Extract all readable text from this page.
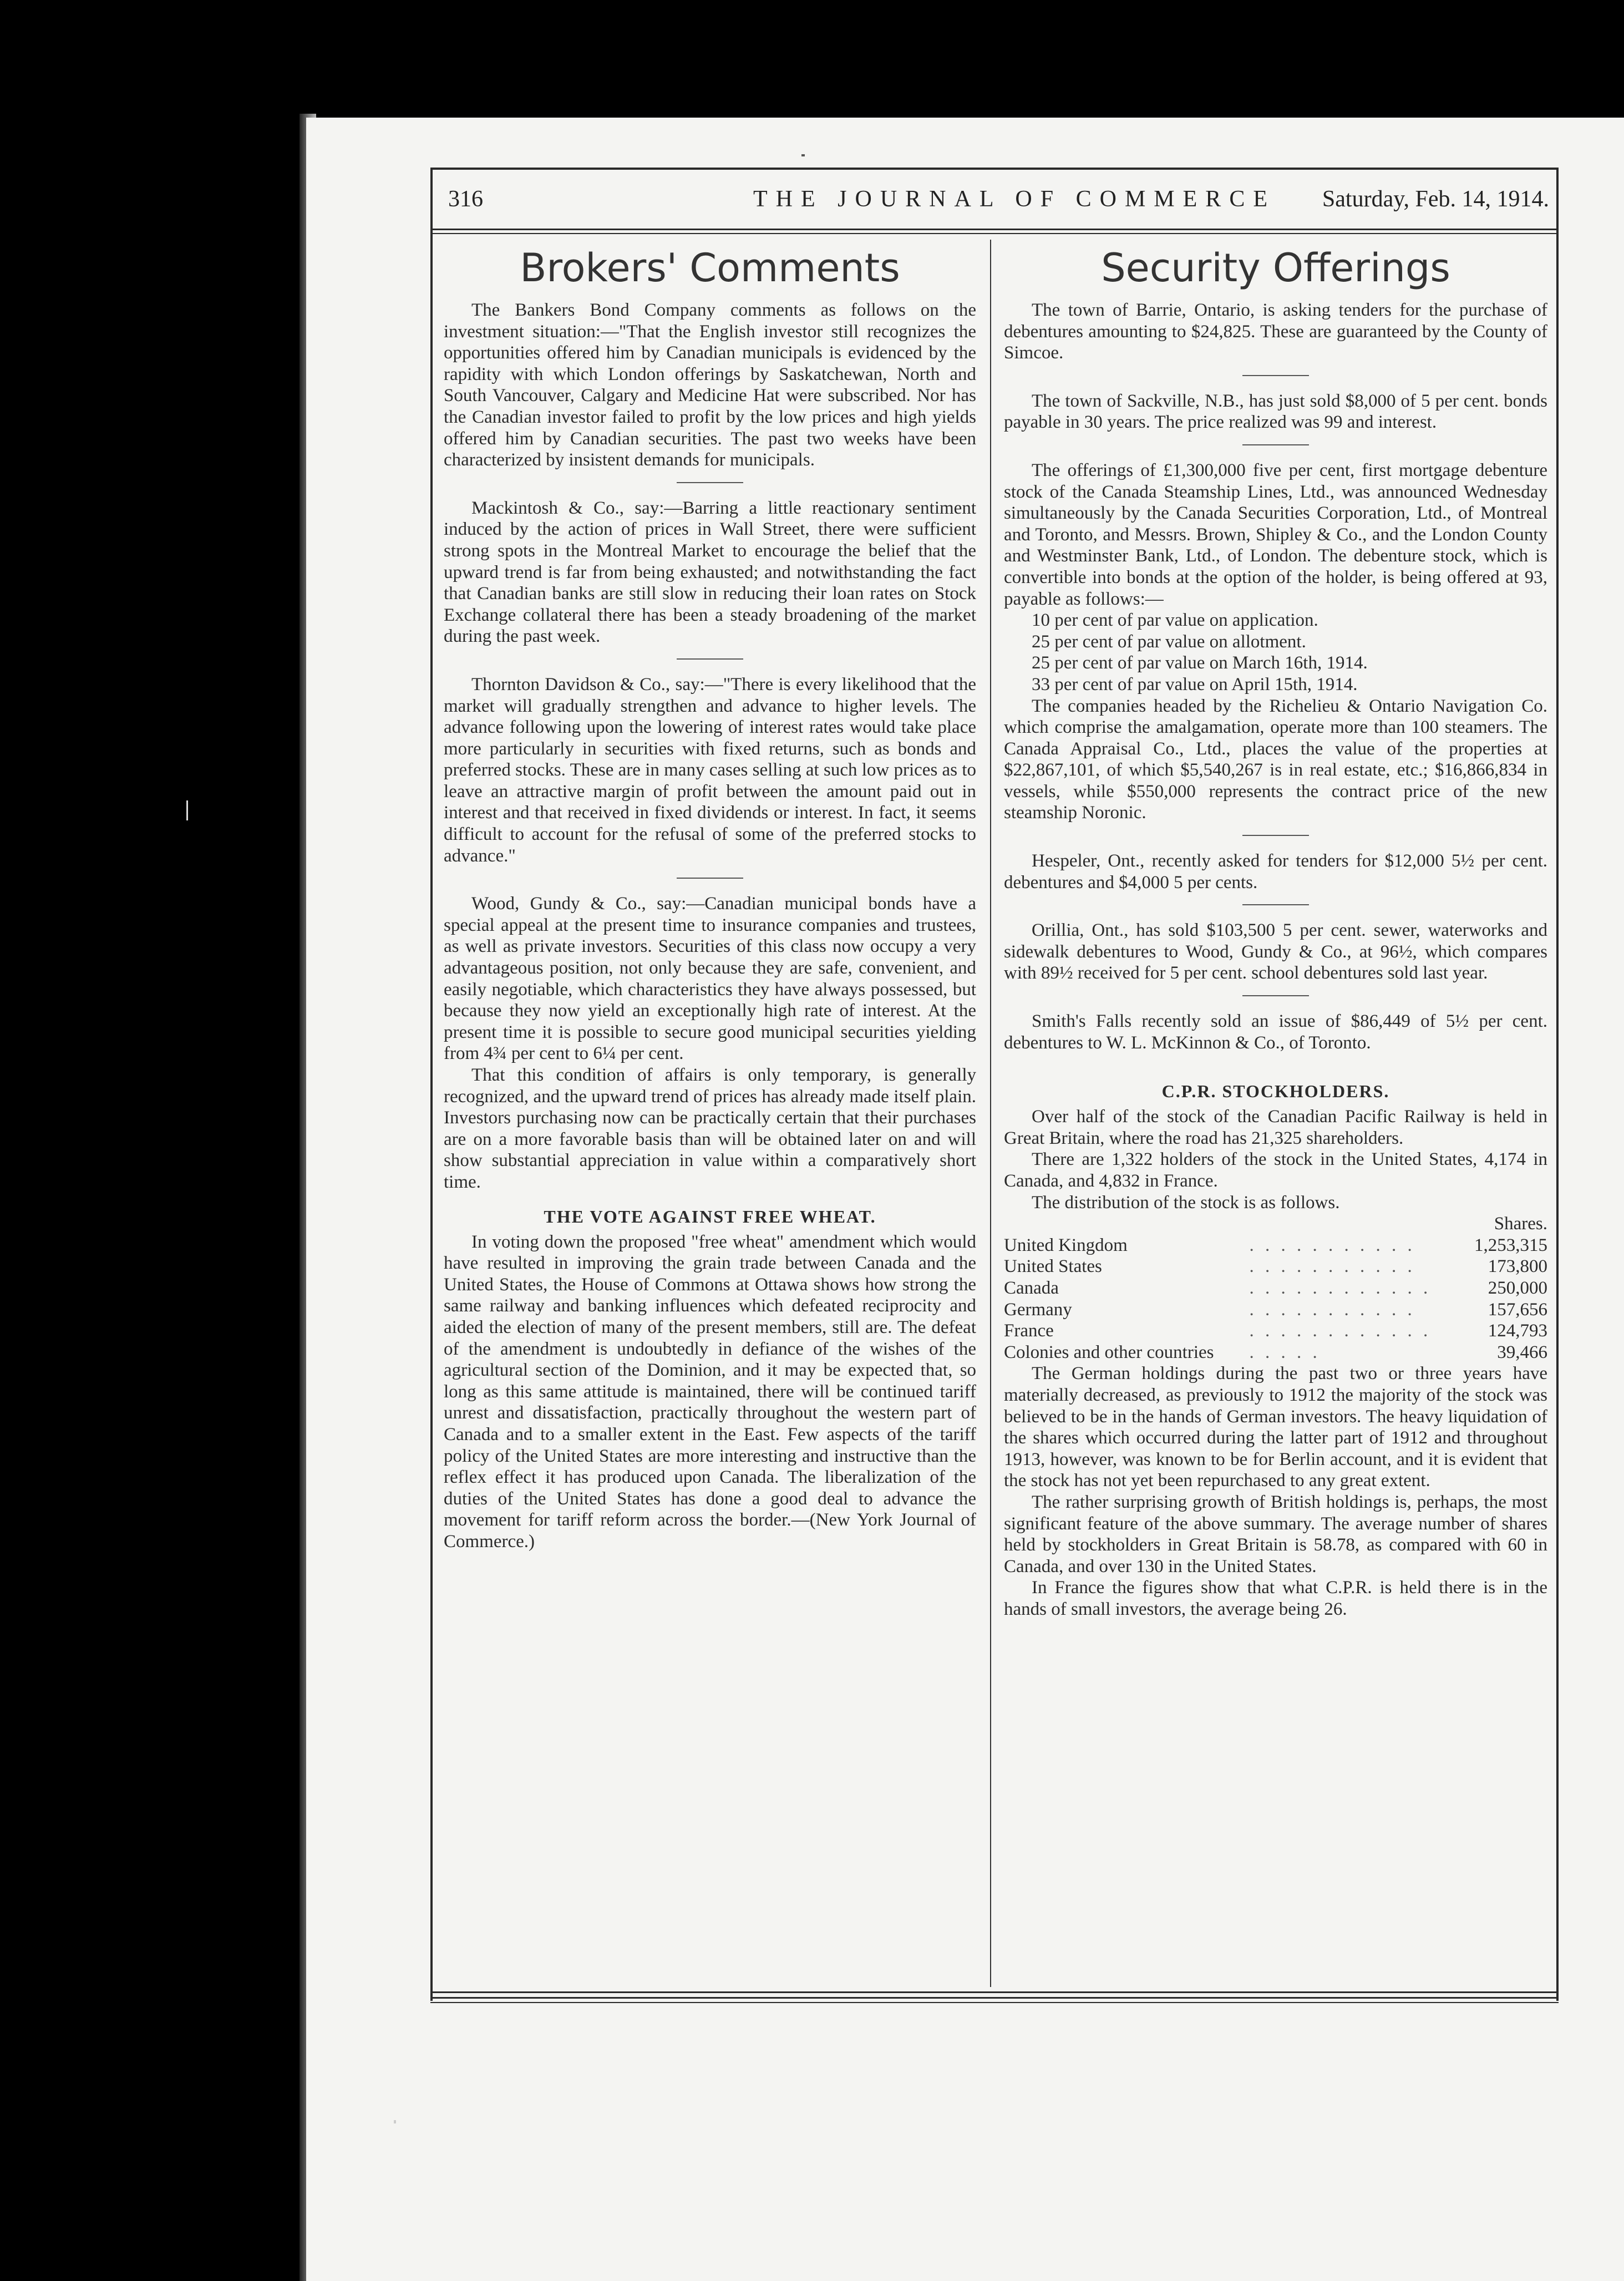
316	THE JOURNAL OF COMMERCE Saturday, Feb. 14, 1914.
Brokers' Comments

The Bankers Bond Company comments as follows on the investment situation:—"That the English investor still recognizes the opportunities offered him by Canadian municipals is evidenced by the rapidity with which London offerings by Saskatchewan, North and South Vancouver, Calgary and Medicine Hat were subscribed. Nor has the Canadian investor failed to profit by the low prices and high yields offered him by Canadian securities. The past two weeks have been characterized by insistent demands for municipals.

Mackintosh & Co., say:—Barring a little reactionary sentiment induced by the action of prices in Wall Street, there were sufficient strong spots in the Montreal Market to encourage the belief that the upward trend is far from being exhausted; and notwithstanding the fact that Canadian banks are still slow in reducing their loan rates on Stock Exchange collateral there has been a steady broadening of the market during the past week.

Thornton Davidson & Co., say:—"There is every likelihood that the market will gradually strengthen and advance to higher levels. The advance following upon the lowering of interest rates would take place more particularly in securities with fixed returns, such as bonds and preferred stocks. These are in many cases selling at such low prices as to leave an attractive margin of profit between the amount paid out in interest and that received in fixed dividends or interest. In fact, it seems difficult to account for the refusal of some of the preferred stocks to advance."

Wood, Gundy & Co., say:—Canadian municipal bonds have a special appeal at the present time to insurance companies and trustees, as well as private investors. Securities of this class now occupy a very advantageous position, not only because they are safe, convenient, and easily negotiable, which characteristics they have always possessed, but because they now yield an exceptionally high rate of interest. At the present time it is possible to secure good municipal securities yielding from 4¾ per cent to 6¼ per cent.

That this condition of affairs is only temporary, is generally recognized, and the upward trend of prices has already made itself plain. Investors purchasing now can be practically certain that their purchases are on a more favorable basis than will be obtained later on and will show substantial appreciation in value within a comparatively short time.

THE VOTE AGAINST FREE WHEAT.

In voting down the proposed "free wheat" amendment which would have resulted in improving the grain trade between Canada and the United States, the House of Commons at Ottawa shows how strong the same railway and banking influences which defeated reciprocity and aided the election of many of the present members, still are. The defeat of the amendment is undoubtedly in defiance of the wishes of the agricultural section of the Dominion, and it may be expected that, so long as this same attitude is maintained, there will be continued tariff unrest and dissatisfaction, practically throughout the western part of Canada and to a smaller extent in the East. Few aspects of the tariff policy of the United States are more interesting and instructive than the reflex effect it has produced upon Canada. The liberalization of the duties of the United States has done a good deal to advance the movement for tariff reform across the border.—(New York Journal of Commerce.)

Security Offerings

The town of Barrie, Ontario, is asking tenders for the purchase of debentures amounting to $24,825. These are guaranteed by the County of Simcoe.

The town of Sackville, N.B., has just sold $8,000 of 5 per cent. bonds payable in 30 years. The price realized was 99 and interest.

The offerings of £1,300,000 five per cent, first mortgage debenture stock of the Canada Steamship Lines, Ltd., was announced Wednesday simultaneously by the Canada Securities Corporation, Ltd., of Montreal and Toronto, and Messrs. Brown, Shipley & Co., and the London County and Westminster Bank, Ltd., of London. The debenture stock, which is convertible into bonds at the option of the holder, is being offered at 93, payable as follows:—

10 per cent of par value on application.
25 per cent of par value on allotment.
25 per cent of par value on March 16th, 1914.
33 per cent of par value on April 15th, 1914.

The companies headed by the Richelieu & Ontario Navigation Co. which comprise the amalgamation, operate more than 100 steamers. The Canada Appraisal Co., Ltd., places the value of the properties at $22,867,101, of which $5,540,267 is in real estate, etc.; $16,866,834 in vessels, while $550,000 represents the contract price of the new steamship Noronic.

Hespeler, Ont., recently asked for tenders for $12,000 5½ per cent. debentures and $4,000 5 per cents.

Orillia, Ont., has sold $103,500 5 per cent. sewer, waterworks and sidewalk debentures to Wood, Gundy & Co., at 96½, which compares with 89½ received for 5 per cent. school debentures sold last year.

Smith's Falls recently sold an issue of $86,449 of 5½ per cent. debentures to W. L. McKinnon & Co., of Toronto.

C.P.R. STOCKHOLDERS.

Over half of the stock of the Canadian Pacific Railway is held in Great Britain, where the road has 21,325 shareholders.

There are 1,322 holders of the stock in the United States, 4,174 in Canada, and 4,832 in France.

The distribution of the stock is as follows.

Shares.
United Kingdom	. . . . . . . . . . .	1,253,315
United States	. . . . . . . . . . .	173,800
Canada	. . . . . . . . . . . .	250,000
Germany	. . . . . . . . . . .	157,656
France	. . . . . . . . . . . .	124,793
Colonies and other countries	. . . . .	39,466

The German holdings during the past two or three years have materially decreased, as previously to 1912 the majority of the stock was believed to be in the hands of German investors. The heavy liquidation of the shares which occurred during the latter part of 1912 and throughout 1913, however, was known to be for Berlin account, and it is evident that the stock has not yet been repurchased to any great extent.

The rather surprising growth of British holdings is, perhaps, the most significant feature of the above summary. The average number of shares held by stockholders in Great Britain is 58.78, as compared with 60 in Canada, and over 130 in the United States.

In France the figures show that what C.P.R. is held there is in the hands of small investors, the average being 26.
